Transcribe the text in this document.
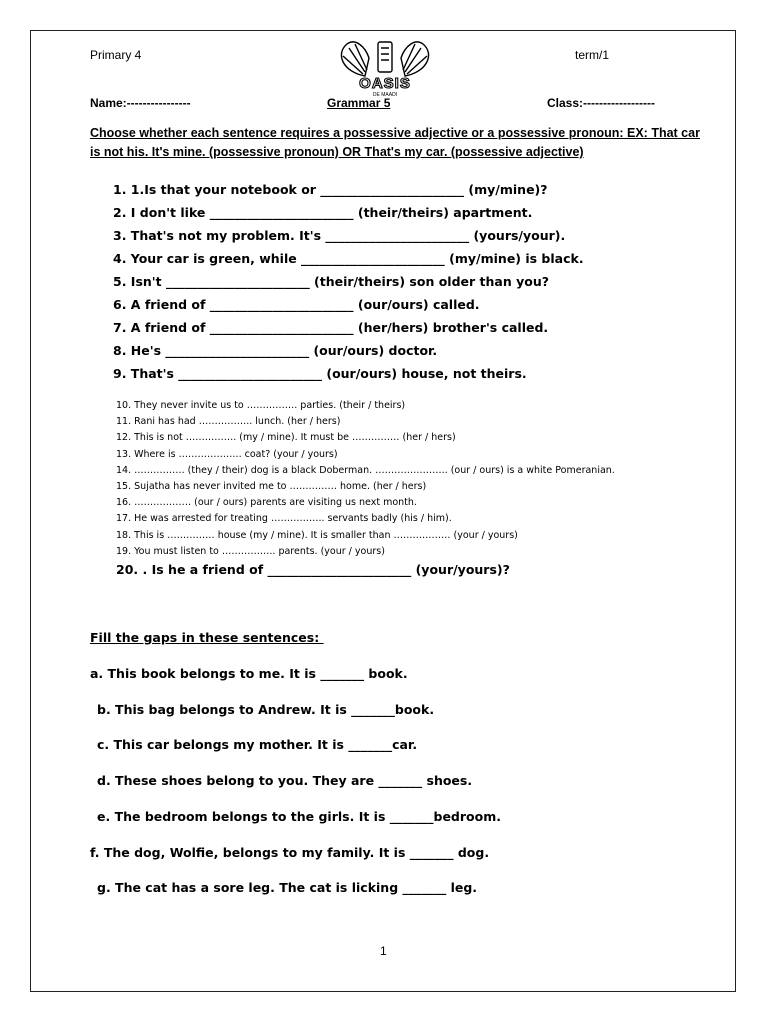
Primary 4	term/1
Name:----------------	Grammar 5	Class:------------------
OASIS
DE MAADI
Choose whether each sentence requires a possessive adjective or a possessive pronoun: EX: That car is not his. It's mine. (possessive pronoun) OR That's my car. (possessive adjective)
1. 1.Is that your notebook or _______________________ (my/mine)?
2. I don't like _______________________ (their/theirs) apartment.
3. That's not my problem. It's _______________________ (yours/your).
4. Your car is green, while _______________________ (my/mine) is black.
5. Isn't _______________________ (their/theirs) son older than you?
6. A friend of _______________________ (our/ours) called.
7. A friend of _______________________ (her/hers) brother's called.
8. He's _______________________ (our/ours) doctor.
9. That's _______________________ (our/ours) house, not theirs.
10. They never invite us to ……………. parties. (their / theirs)
11. Rani has had …………….. lunch. (her / hers)
12. This is not ……………. (my / mine). It must be …………… (her / hers)
13. Where is ……………….. coat? (your / yours)
14. ……………. (they / their) dog is a black Doberman. ………………….. (our / ours) is a white Pomeranian.
15. Sujatha has never invited me to …………… home. (her / hers)
16. ……………… (our / ours) parents are visiting us next month.
17. He was arrested for treating …………….. servants badly (his / him).
18. This is …………… house (my / mine). It is smaller than ……………… (your / yours)
19. You must listen to …………….. parents. (your / yours)
20. . Is he a friend of _______________________ (your/yours)?
Fill the gaps in these sentences:
a. This book belongs to me. It is _______ book.
b. This bag belongs to Andrew. It is _______book.
c. This car belongs my mother. It is _______car.
d. These shoes belong to you. They are _______ shoes.
e. The bedroom belongs to the girls. It is _______bedroom.
f. The dog, Wolfie, belongs to my family. It is _______ dog.
g. The cat has a sore leg. The cat is licking _______ leg.
1
